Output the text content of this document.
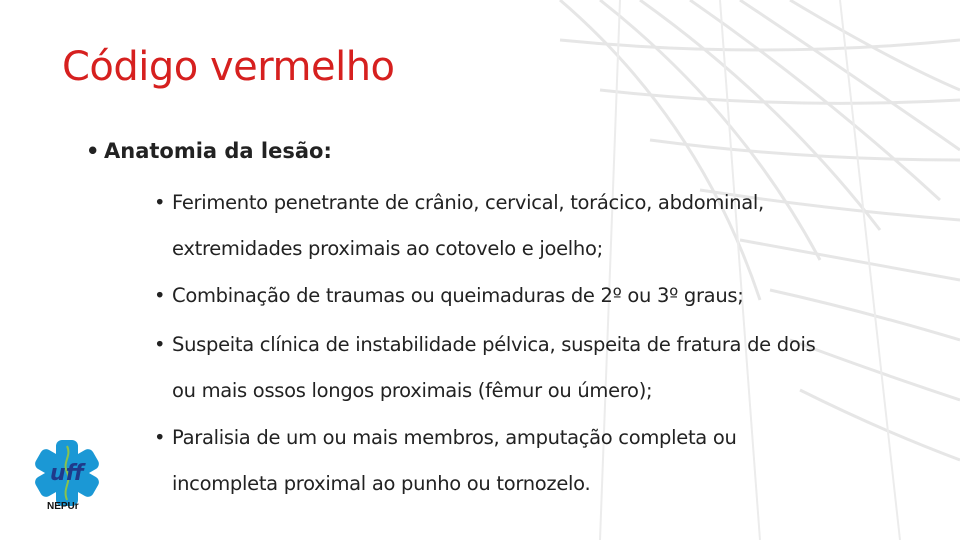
Código vermelho
• Anatomia da lesão:
• Ferimento penetrante de crânio, cervical, torácico, abdominal,
extremidades proximais ao cotovelo e joelho;
• Combinação de traumas ou queimaduras de 2º ou 3º graus;
• Suspeita clínica de instabilidade pélvica, suspeita de fratura de dois
ou mais ossos longos proximais (fêmur ou úmero);
• Paralisia de um ou mais membros, amputação completa ou
incompleta proximal ao punho ou tornozelo.
uff
NEPUr
